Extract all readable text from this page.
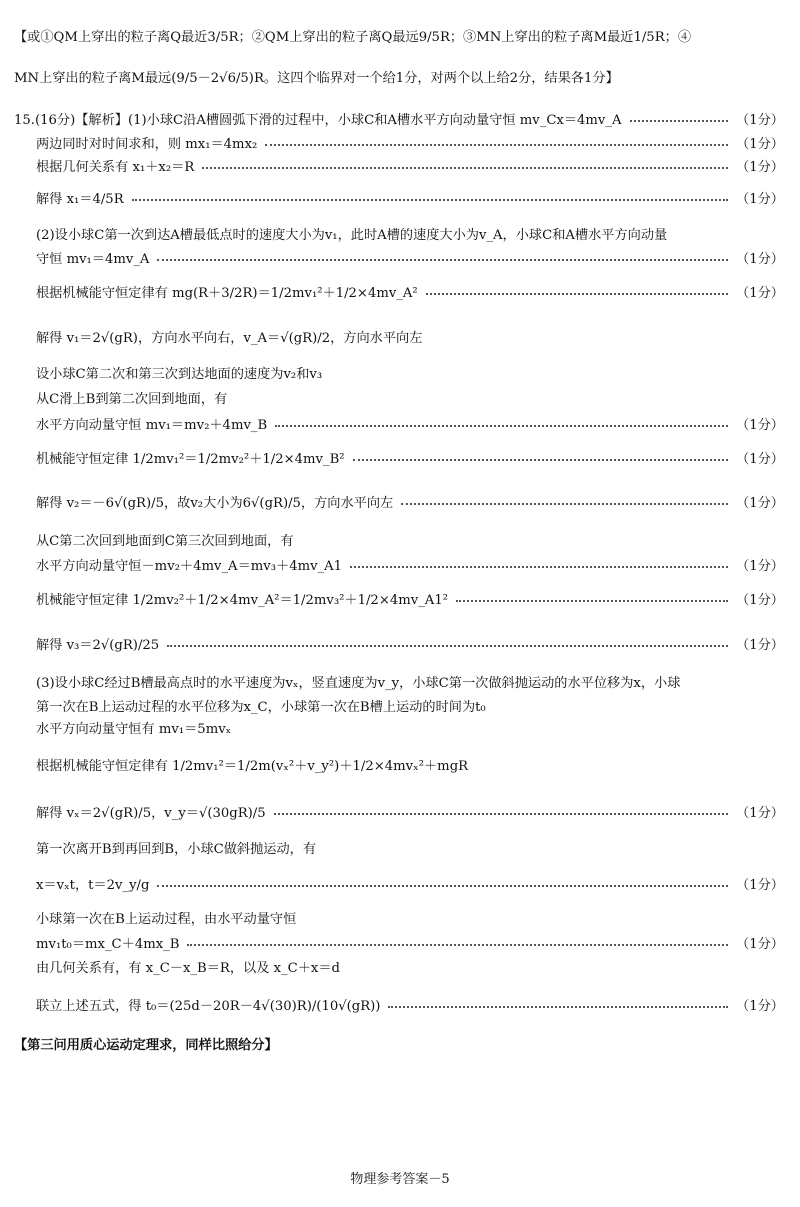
【或①QM上穿出的粒子离Q最近3/5R；②QM上穿出的粒子离Q最远9/5R；③MN上穿出的粒子离M最近1/5R；④
MN上穿出的粒子离M最远(9/5－2√6/5)R。这四个临界对一个给1分，对两个以上给2分，结果各1分】
15.(16分)【解析】(1)小球C沿A槽圆弧下滑的过程中，小球C和A槽水平方向动量守恒 mv_Cx＝4mv_A	（1分）
两边同时对时间求和，则 mx₁＝4mx₂	（1分）
根据几何关系有 x₁＋x₂＝R	（1分）
解得 x₁＝4/5R	（1分）
(2)设小球C第一次到达A槽最低点时的速度大小为v₁，此时A槽的速度大小为v_A，小球C和A槽水平方向动量
守恒 mv₁＝4mv_A	（1分）
根据机械能守恒定律有 mg(R＋3/2R)＝1/2mv₁²＋1/2×4mv_A²	（1分）
解得 v₁＝2√(gR)，方向水平向右，v_A＝√(gR)/2，方向水平向左
设小球C第二次和第三次到达地面的速度为v₂和v₃
从C滑上B到第二次回到地面，有
水平方向动量守恒 mv₁＝mv₂＋4mv_B	（1分）
机械能守恒定律 1/2mv₁²＝1/2mv₂²＋1/2×4mv_B²	（1分）
解得 v₂＝－6√(gR)/5，故v₂大小为6√(gR)/5，方向水平向左	（1分）
从C第二次回到地面到C第三次回到地面，有
水平方向动量守恒－mv₂＋4mv_A＝mv₃＋4mv_A1	（1分）
机械能守恒定律 1/2mv₂²＋1/2×4mv_A²＝1/2mv₃²＋1/2×4mv_A1²	（1分）
解得 v₃＝2√(gR)/25	（1分）
(3)设小球C经过B槽最高点时的水平速度为vₓ，竖直速度为v_y，小球C第一次做斜抛运动的水平位移为x，小球
第一次在B上运动过程的水平位移为x_C，小球第一次在B槽上运动的时间为t₀
水平方向动量守恒有 mv₁＝5mvₓ
根据机械能守恒定律有 1/2mv₁²＝1/2m(vₓ²＋v_y²)＋1/2×4mvₓ²＋mgR
解得 vₓ＝2√(gR)/5，v_y＝√(30gR)/5	（1分）
第一次离开B到再回到B，小球C做斜抛运动，有
x＝vₓt，t＝2v_y/g	（1分）
小球第一次在B上运动过程，由水平动量守恒
mv₁t₀＝mx_C＋4mx_B	（1分）
由几何关系有，有 x_C－x_B＝R，以及 x_C＋x＝d
联立上述五式，得 t₀＝(25d－20R－4√(30)R)/(10√(gR))	（1分）
【第三问用质心运动定理求，同样比照给分】
物理参考答案－5
